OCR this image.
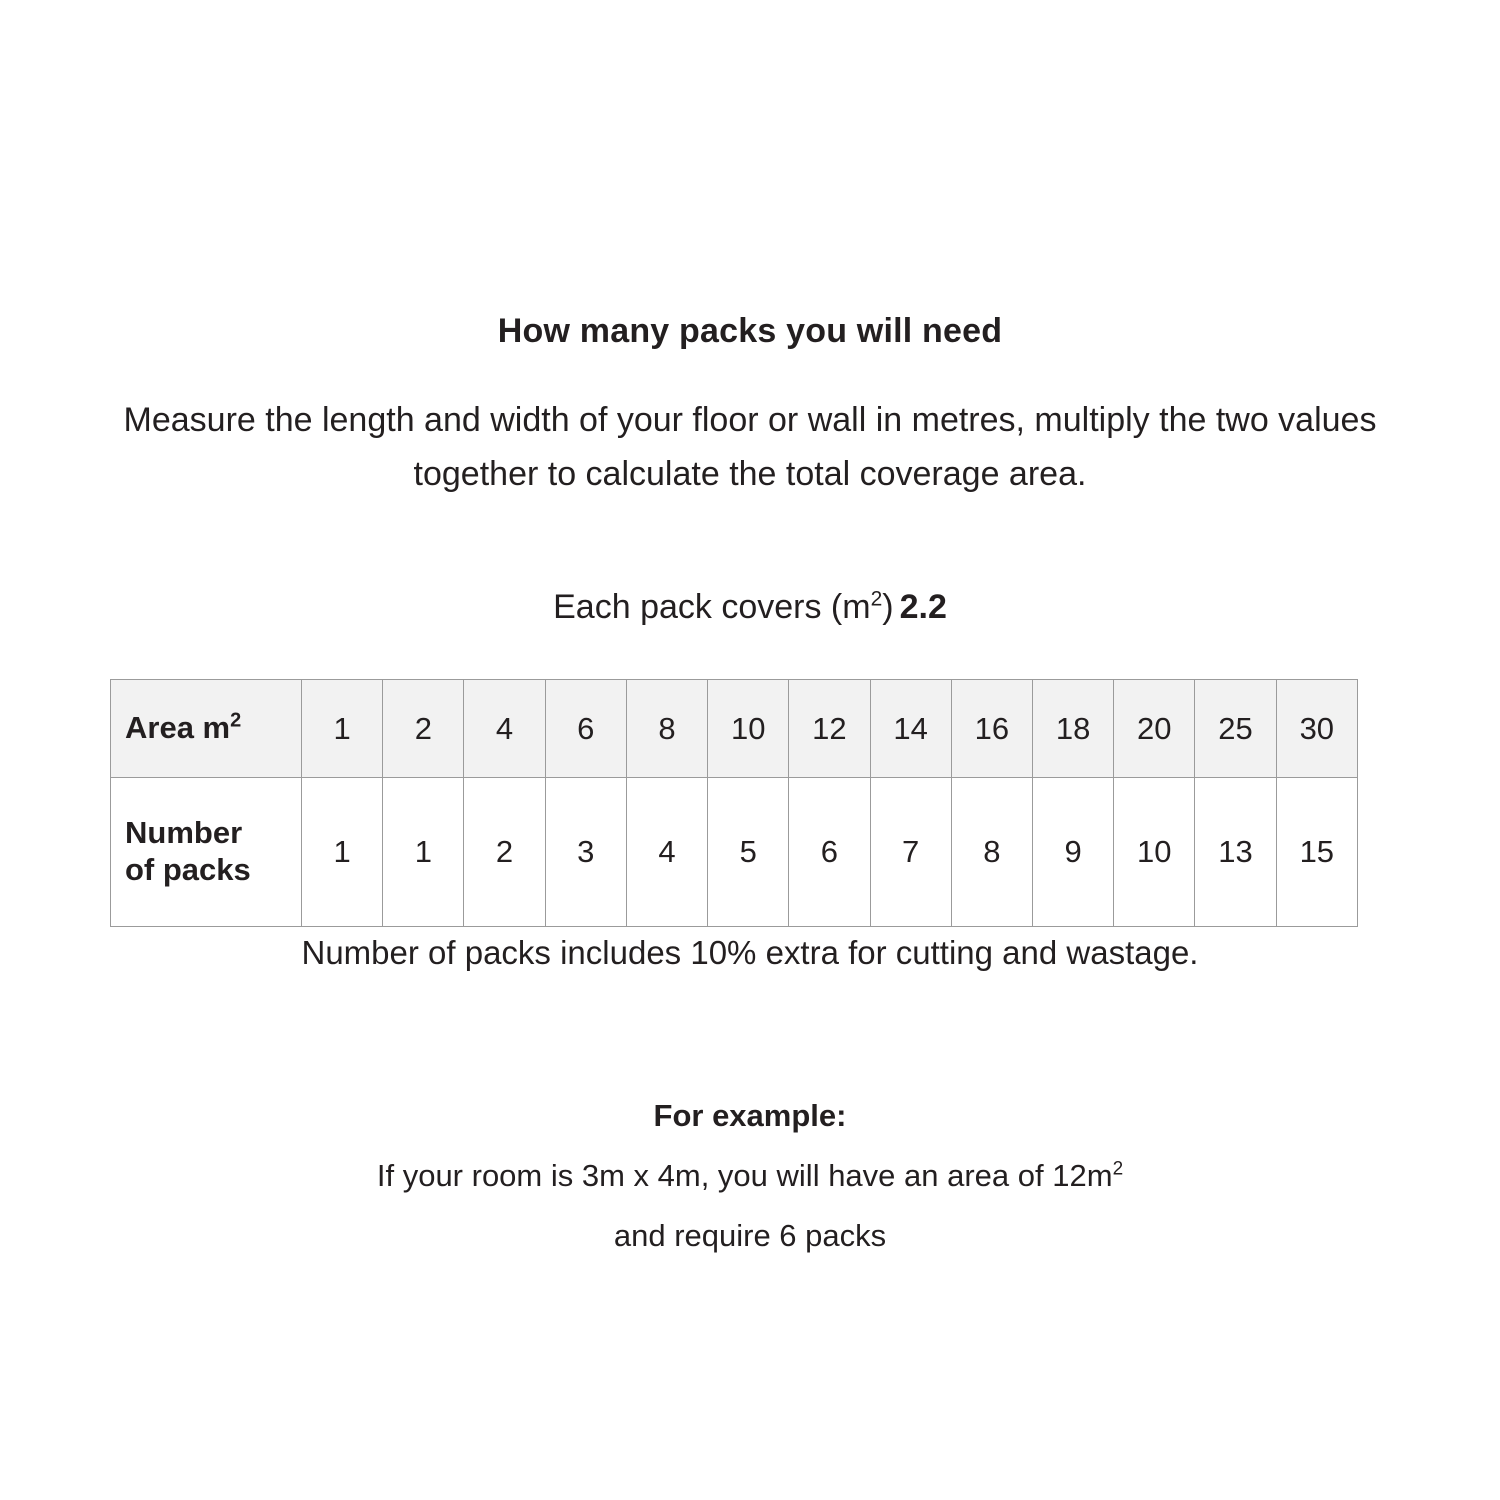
How many packs you will need
Measure the length and width of your floor or wall in metres, multiply the two values together to calculate the total coverage area.
Each pack covers $(m^2)$ 2.2
Area $m^2$	1	2	4	6	8	10	12	14	16	18	20	25	30
Number
of packs	1	1	2	3	4	5	6	7	8	9	10	13	15
Number of packs includes 10% extra for cutting and wastage.
For example:
If your room is 3m x 4m, you will have an area of $12m^2$
and require 6 packs
